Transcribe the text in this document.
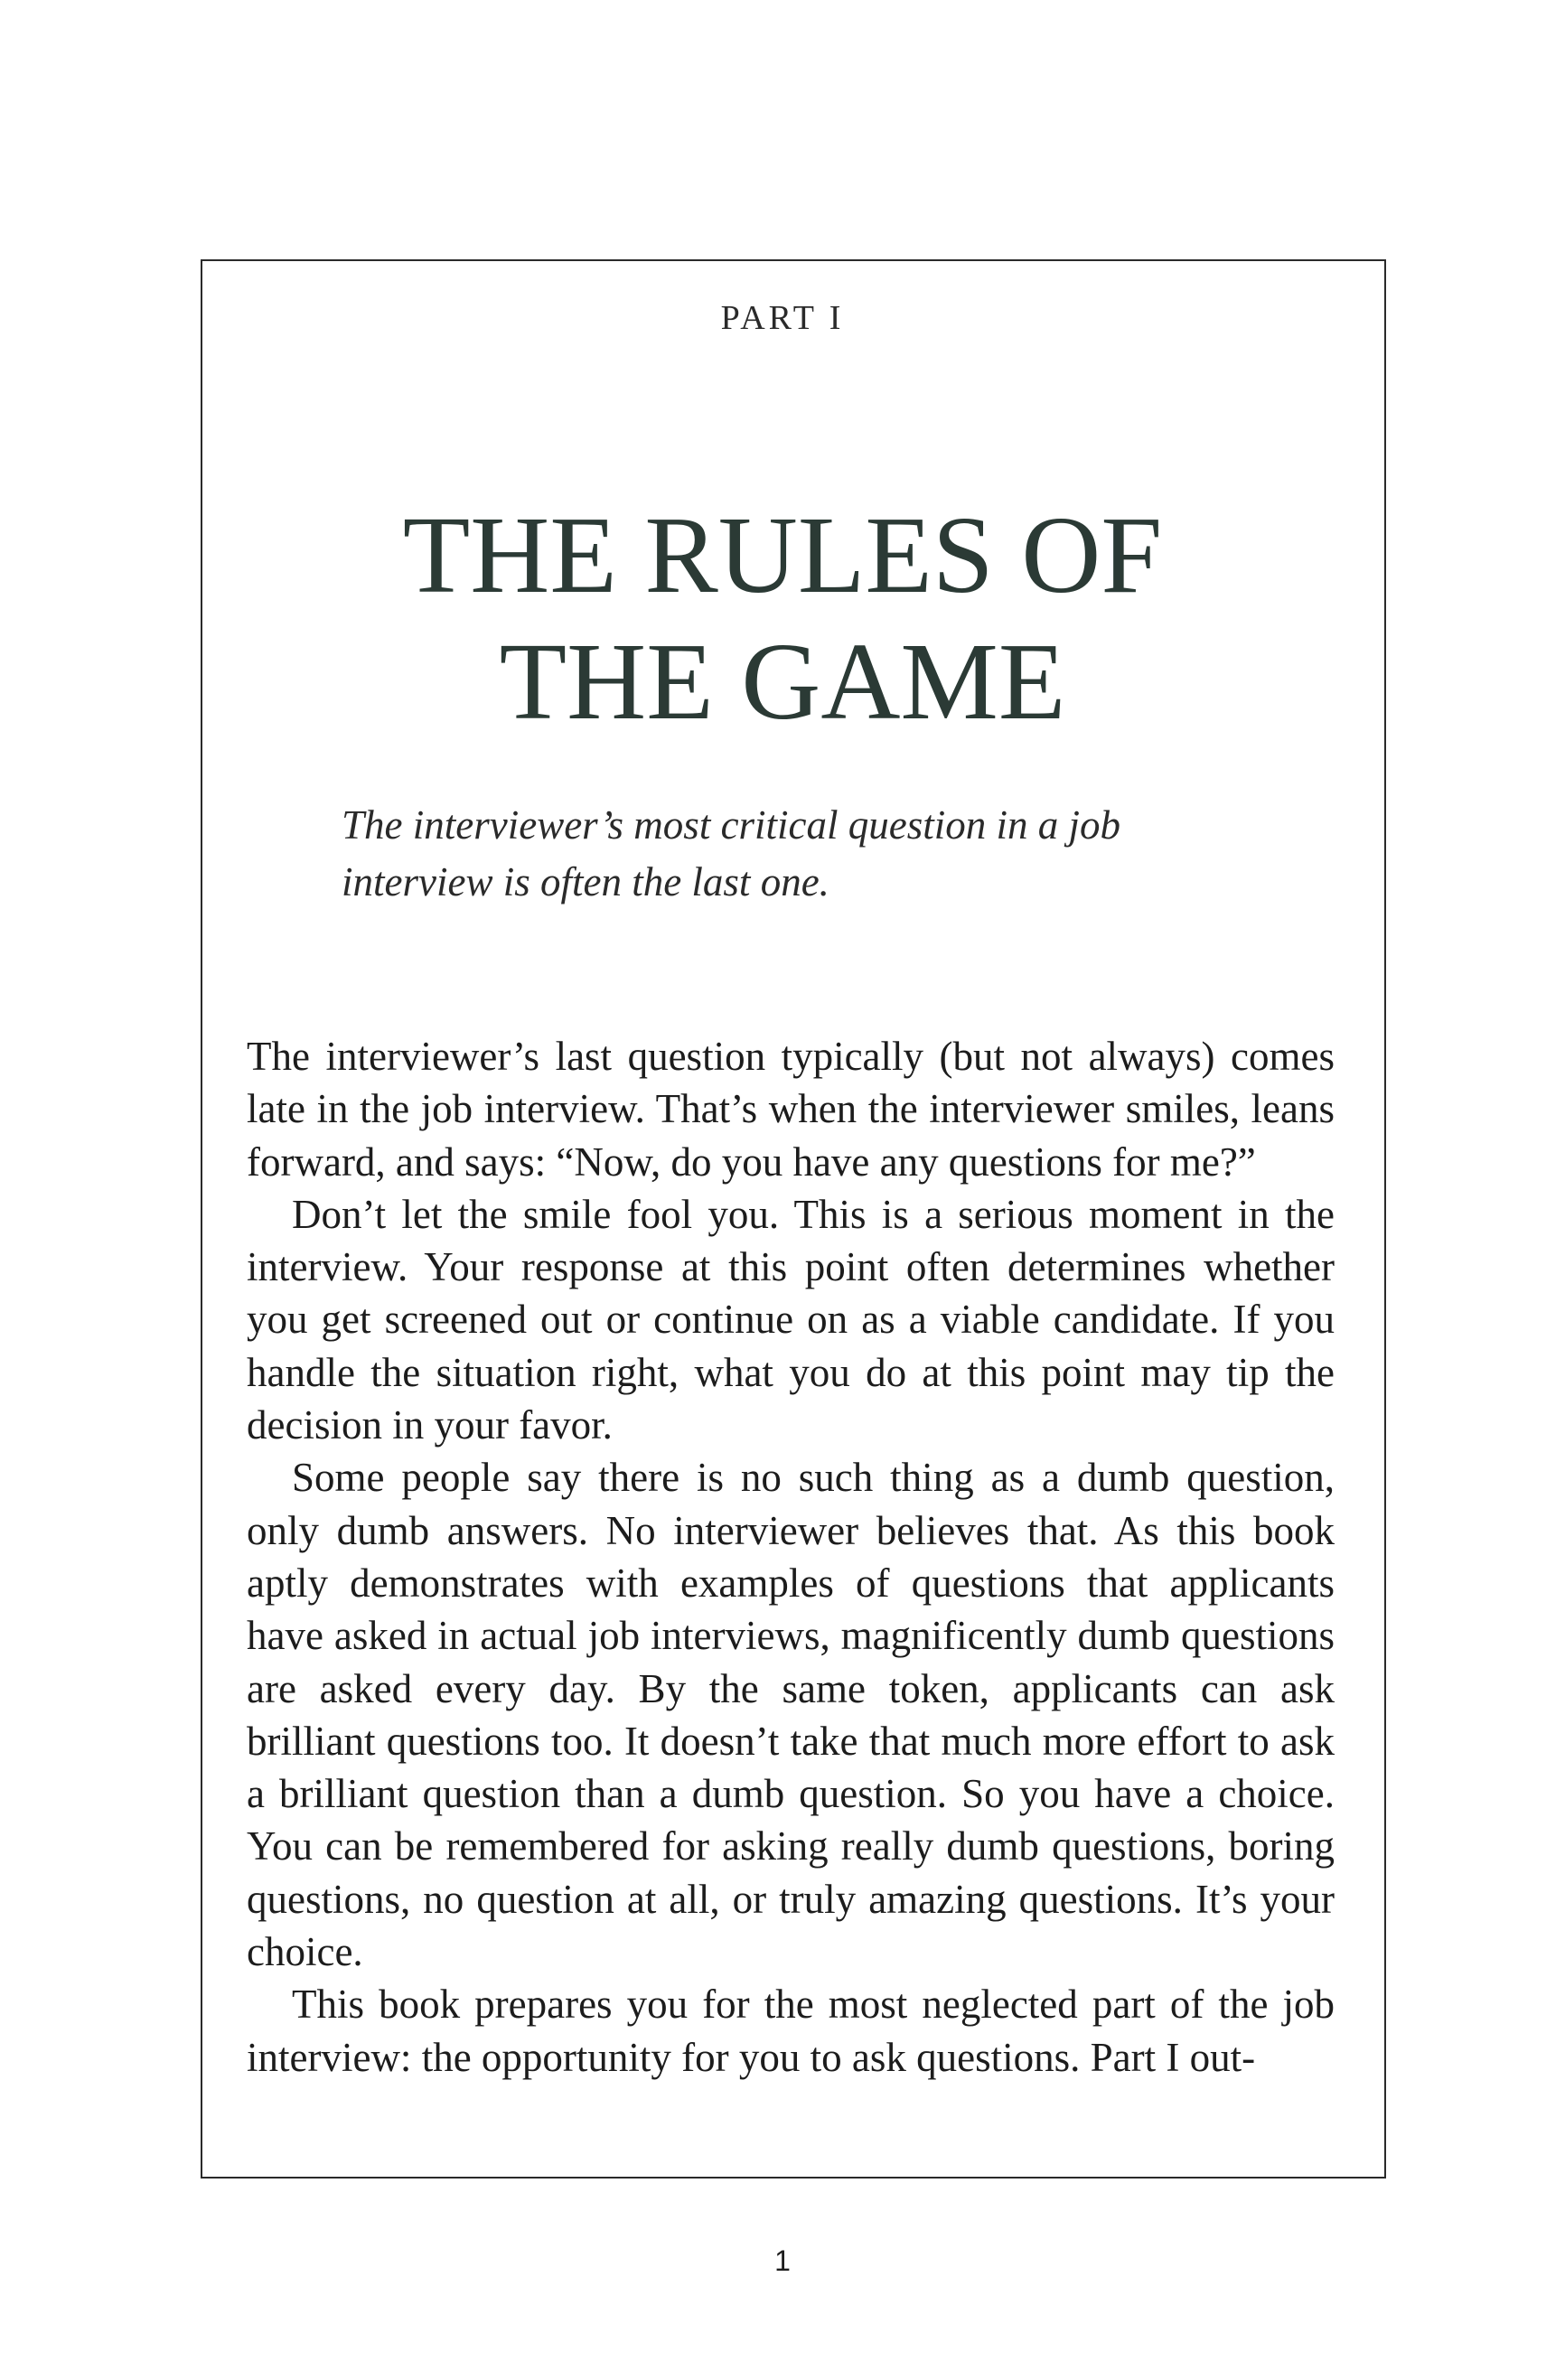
PART I
THE RULES OF
THE GAME
The interviewer’s most critical question in a job interview is often the last one.

The interviewer’s last question typically (but not always) comes late in the job interview. That’s when the interviewer smiles, leans forward, and says: “Now, do you have any questions for me?”

Don’t let the smile fool you. This is a serious moment in the interview. Your response at this point often determines whether you get screened out or continue on as a viable candidate. If you handle the situation right, what you do at this point may tip the decision in your favor.

Some people say there is no such thing as a dumb question, only dumb answers. No interviewer believes that. As this book aptly demonstrates with examples of questions that applicants have asked in actual job interviews, magnificently dumb questions are asked every day. By the same token, applicants can ask brilliant questions too. It doesn’t take that much more effort to ask a brilliant question than a dumb question. So you have a choice. You can be remembered for asking really dumb questions, boring questions, no question at all, or truly amazing questions. It’s your choice.

This book prepares you for the most neglected part of the job interview: the opportunity for you to ask questions. Part I out-

1
